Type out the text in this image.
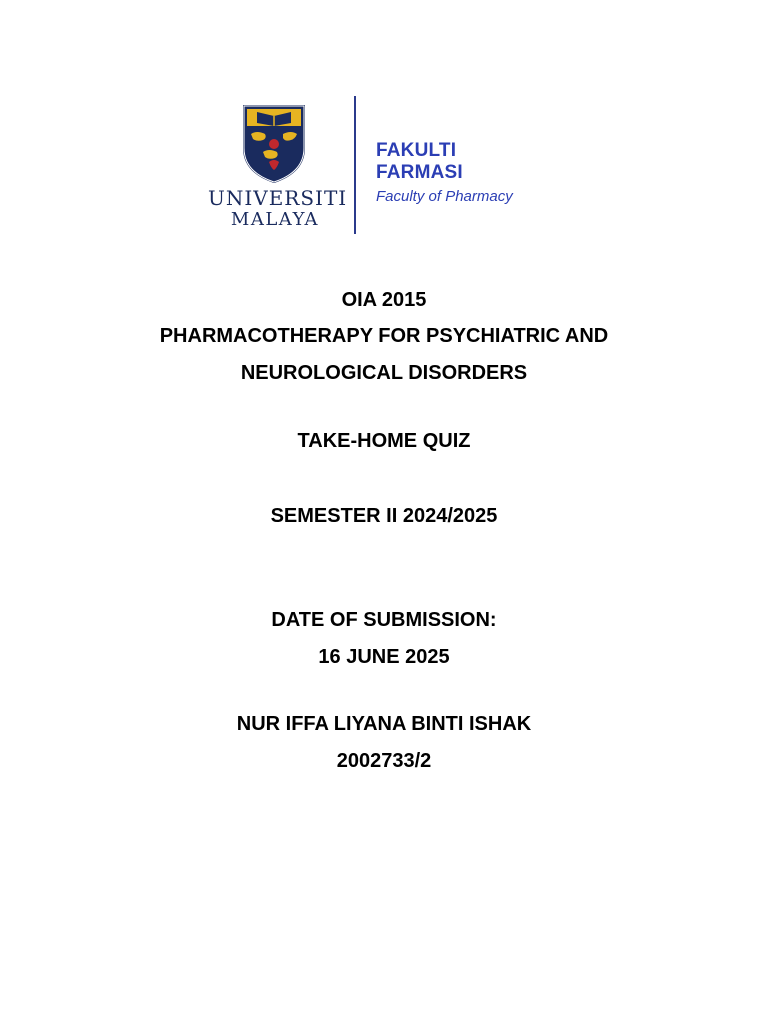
UNIVERSITI
MALAYA
FAKULTI FARMASI
Faculty of Pharmacy
OIA 2015
PHARMACOTHERAPY FOR PSYCHIATRIC AND
NEUROLOGICAL DISORDERS
TAKE-HOME QUIZ
SEMESTER II 2024/2025
DATE OF SUBMISSION:
16 JUNE 2025
NUR IFFA LIYANA BINTI ISHAK
2002733/2
